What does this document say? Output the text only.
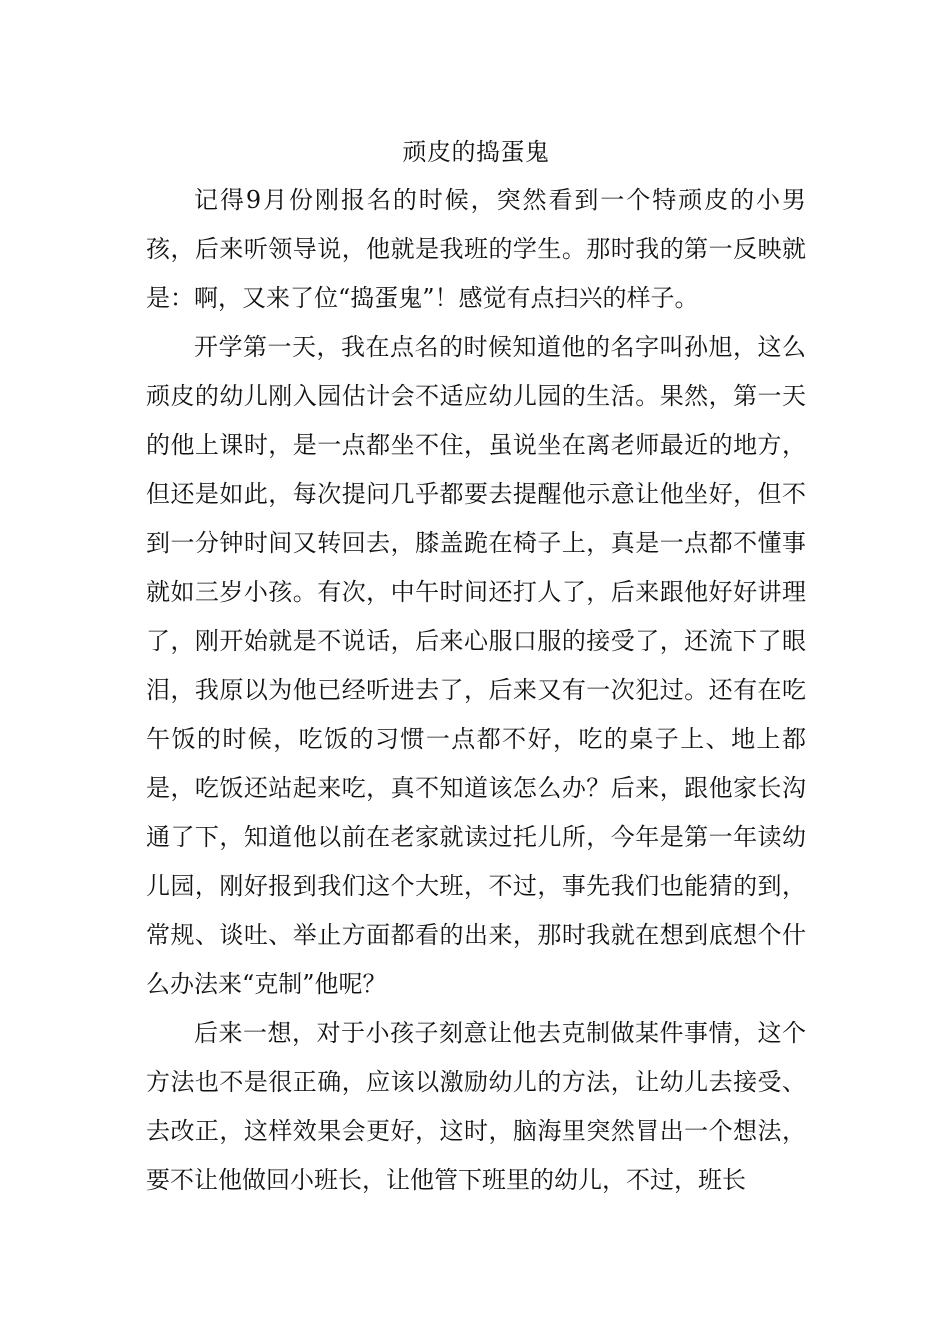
顽皮的捣蛋鬼

记得9月份刚报名的时候，突然看到一个特顽皮的小男孩，后来听领导说，他就是我班的学生。那时我的第一反映就是：啊，又来了位“捣蛋鬼”！感觉有点扫兴的样子。

开学第一天，我在点名的时候知道他的名字叫孙旭，这么顽皮的幼儿刚入园估计会不适应幼儿园的生活。果然，第一天的他上课时，是一点都坐不住，虽说坐在离老师最近的地方，但还是如此，每次提问几乎都要去提醒他示意让他坐好，但不到一分钟时间又转回去，膝盖跪在椅子上，真是一点都不懂事就如三岁小孩。有次，中午时间还打人了，后来跟他好好讲理了，刚开始就是不说话，后来心服口服的接受了，还流下了眼泪，我原以为他已经听进去了，后来又有一次犯过。还有在吃午饭的时候，吃饭的习惯一点都不好，吃的桌子上、地上都是，吃饭还站起来吃，真不知道该怎么办？后来，跟他家长沟通了下，知道他以前在老家就读过托儿所，今年是第一年读幼儿园，刚好报到我们这个大班，不过，事先我们也能猜的到，常规、谈吐、举止方面都看的出来，那时我就在想到底想个什么办法来“克制”他呢？

后来一想，对于小孩子刻意让他去克制做某件事情，这个方法也不是很正确，应该以激励幼儿的方法，让幼儿去接受、去改正，这样效果会更好，这时，脑海里突然冒出一个想法，要不让他做回小班长，让他管下班里的幼儿，不过，班长
